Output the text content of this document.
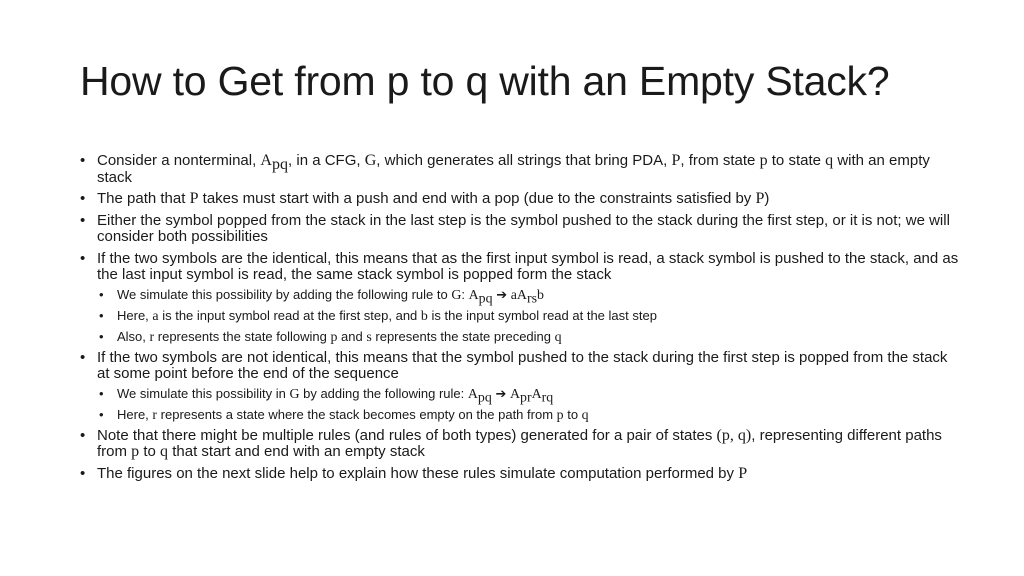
How to Get from p to q with an Empty Stack?
• Consider a nonterminal, $A_{pq}$, in a CFG, G, which generates all strings that bring PDA, P, from state p to state q with an empty stack
• The path that P takes must start with a push and end with a pop (due to the constraints satisfied by P)
• Either the symbol popped from the stack in the last step is the symbol pushed to the stack during the first step, or it is not; we will consider both possibilities
• If the two symbols are the identical, this means that as the first input symbol is read, a stack symbol is pushed to the stack, and as the last input symbol is read, the same stack symbol is popped form the stack
• We simulate this possibility by adding the following rule to G: $A_{pq}$ ➔ $aA_{rs}b$
• Here, a is the input symbol read at the first step, and b is the input symbol read at the last step
• Also, r represents the state following p and s represents the state preceding q
• If the two symbols are not identical, this means that the symbol pushed to the stack during the first step is popped from the stack at some point before the end of the sequence
• We simulate this possibility in G by adding the following rule: $A_{pq}$ ➔ $A_{pr}A_{rq}$
• Here, r represents a state where the stack becomes empty on the path from p to q
• Note that there might be multiple rules (and rules of both types) generated for a pair of states (p, q), representing different paths from p to q that start and end with an empty stack
• The figures on the next slide help to explain how these rules simulate computation performed by P
